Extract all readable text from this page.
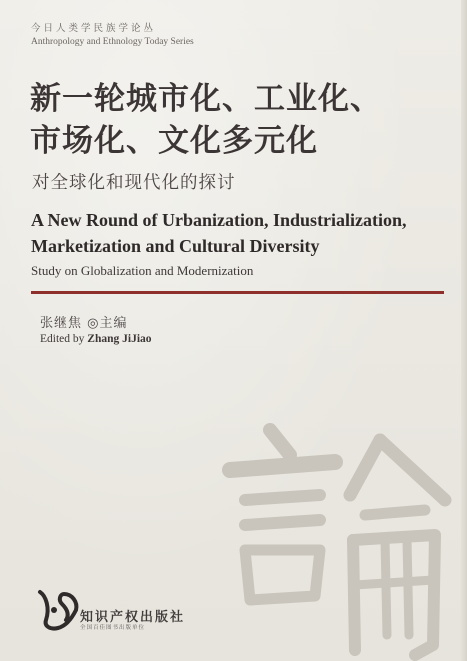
今日人类学民族学论丛
Anthropology and Ethnology Today Series
新一轮城市化、工业化、
市场化、文化多元化
对全球化和现代化的探讨
A New Round of Urbanization, Industrialization,
Marketization and Cultural Diversity
Study on Globalization and Modernization
张继焦 ◎主编
Edited by Zhang JiJiao
知识产权出版社
全国百佳图书出版单位
